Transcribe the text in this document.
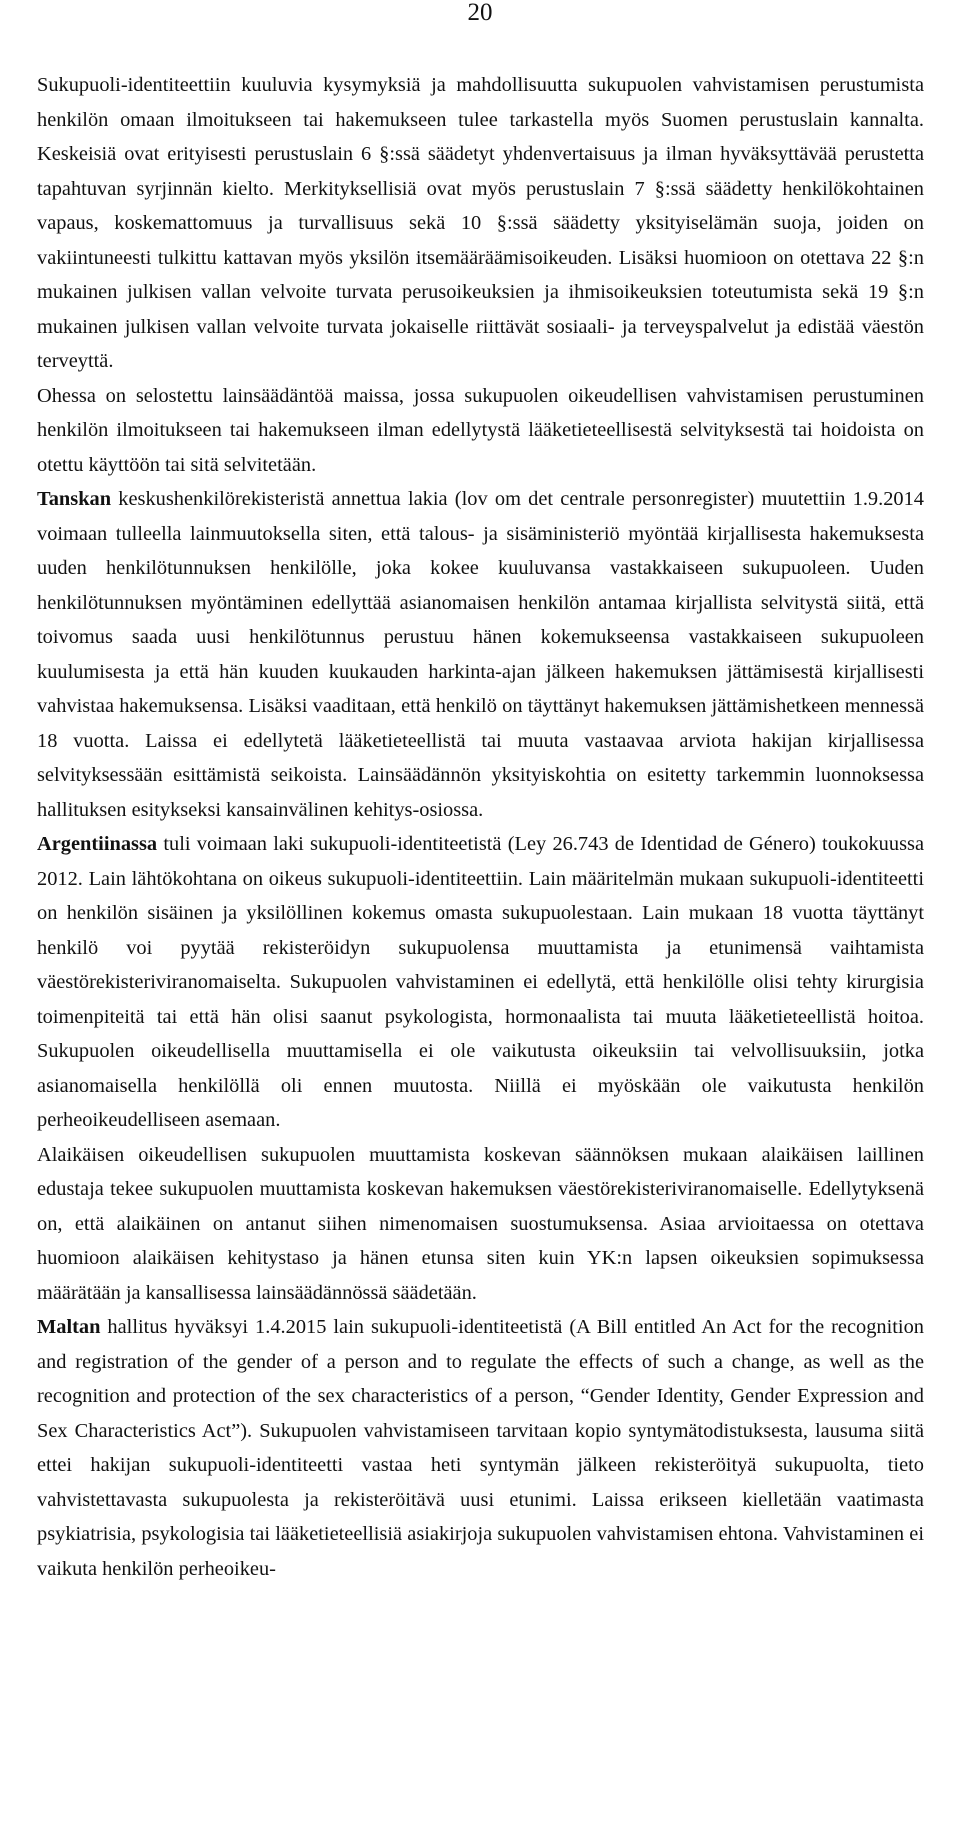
20

Sukupuoli-identiteettiin kuuluvia kysymyksiä ja mahdollisuutta sukupuolen vahvistamisen perustumista henkilön omaan ilmoitukseen tai hakemukseen tulee tarkastella myös Suomen perustuslain kannalta. Keskeisiä ovat erityisesti perustuslain 6 §:ssä säädetyt yhdenvertaisuus ja ilman hyväksyttävää perustetta tapahtuvan syrjinnän kielto. Merkityksellisiä ovat myös perustuslain 7 §:ssä säädetty henkilökohtainen vapaus, koskemattomuus ja turvallisuus sekä 10 §:ssä säädetty yksityiselämän suoja, joiden on vakiintuneesti tulkittu kattavan myös yksilön itsemääräämisoikeuden. Lisäksi huomioon on otettava 22 §:n mukainen julkisen vallan velvoite turvata perusoikeuksien ja ihmisoikeuksien toteutumista sekä 19 §:n mukainen julkisen vallan velvoite turvata jokaiselle riittävät sosiaali- ja terveyspalvelut ja edistää väestön terveyttä.

Ohessa on selostettu lainsäädäntöä maissa, jossa sukupuolen oikeudellisen vahvistamisen perustuminen henkilön ilmoitukseen tai hakemukseen ilman edellytystä lääketieteellisestä selvityksestä tai hoidoista on otettu käyttöön tai sitä selvitetään.

Tanskan keskushenkilörekisteristä annettua lakia (lov om det centrale personregister) muutettiin 1.9.2014 voimaan tulleella lainmuutoksella siten, että talous- ja sisäministeriö myöntää kirjallisesta hakemuksesta uuden henkilötunnuksen henkilölle, joka kokee kuuluvansa vastakkaiseen sukupuoleen. Uuden henkilötunnuksen myöntäminen edellyttää asianomaisen henkilön antamaa kirjallista selvitystä siitä, että toivomus saada uusi henkilötunnus perustuu hänen kokemukseensa vastakkaiseen sukupuoleen kuulumisesta ja että hän kuuden kuukauden harkinta-ajan jälkeen hakemuksen jättämisestä kirjallisesti vahvistaa hakemuksensa. Lisäksi vaaditaan, että henkilö on täyttänyt hakemuksen jättämishetkeen mennessä 18 vuotta. Laissa ei edellytetä lääketieteellistä tai muuta vastaavaa arviota hakijan kirjallisessa selvityksessään esittämistä seikoista. Lainsäädännön yksityiskohtia on esitetty tarkemmin luonnoksessa hallituksen esitykseksi kansainvälinen kehitys-osiossa.

Argentiinassa tuli voimaan laki sukupuoli-identiteetistä (Ley 26.743 de Identidad de Género) toukokuussa 2012. Lain lähtökohtana on oikeus sukupuoli-identiteettiin. Lain määritelmän mukaan sukupuoli-identiteetti on henkilön sisäinen ja yksilöllinen kokemus omasta sukupuolestaan. Lain mukaan 18 vuotta täyttänyt henkilö voi pyytää rekisteröidyn sukupuolensa muuttamista ja etunimensä vaihtamista väestörekisteriviranomaiselta. Sukupuolen vahvistaminen ei edellytä, että henkilölle olisi tehty kirurgisia toimenpiteitä tai että hän olisi saanut psykologista, hormonaalista tai muuta lääketieteellistä hoitoa. Sukupuolen oikeudellisella muuttamisella ei ole vaikutusta oikeuksiin tai velvollisuuksiin, jotka asianomaisella henkilöllä oli ennen muutosta. Niillä ei myöskään ole vaikutusta henkilön perheoikeudelliseen asemaan.

Alaikäisen oikeudellisen sukupuolen muuttamista koskevan säännöksen mukaan alaikäisen laillinen edustaja tekee sukupuolen muuttamista koskevan hakemuksen väestörekisteriviranomaiselle. Edellytyksenä on, että alaikäinen on antanut siihen nimenomaisen suostumuksensa. Asiaa arvioitaessa on otettava huomioon alaikäisen kehitystaso ja hänen etunsa siten kuin YK:n lapsen oikeuksien sopimuksessa määrätään ja kansallisessa lainsäädännössä säädetään.

Maltan hallitus hyväksyi 1.4.2015 lain sukupuoli-identiteetistä (A Bill entitled An Act for the recognition and registration of the gender of a person and to regulate the effects of such a change, as well as the recognition and protection of the sex characteristics of a person, “Gender Identity, Gender Expression and Sex Characteristics Act”). Sukupuolen vahvistamiseen tarvitaan kopio syntymätodistuksesta, lausuma siitä ettei hakijan sukupuoli-identiteetti vastaa heti syntymän jälkeen rekisteröityä sukupuolta, tieto vahvistettavasta sukupuolesta ja rekisteröitävä uusi etunimi. Laissa erikseen kielletään vaatimasta psykiatrisia, psykologisia tai lääketieteellisiä asiakirjoja sukupuolen vahvistamisen ehtona. Vahvistaminen ei vaikuta henkilön perheoikeu-
